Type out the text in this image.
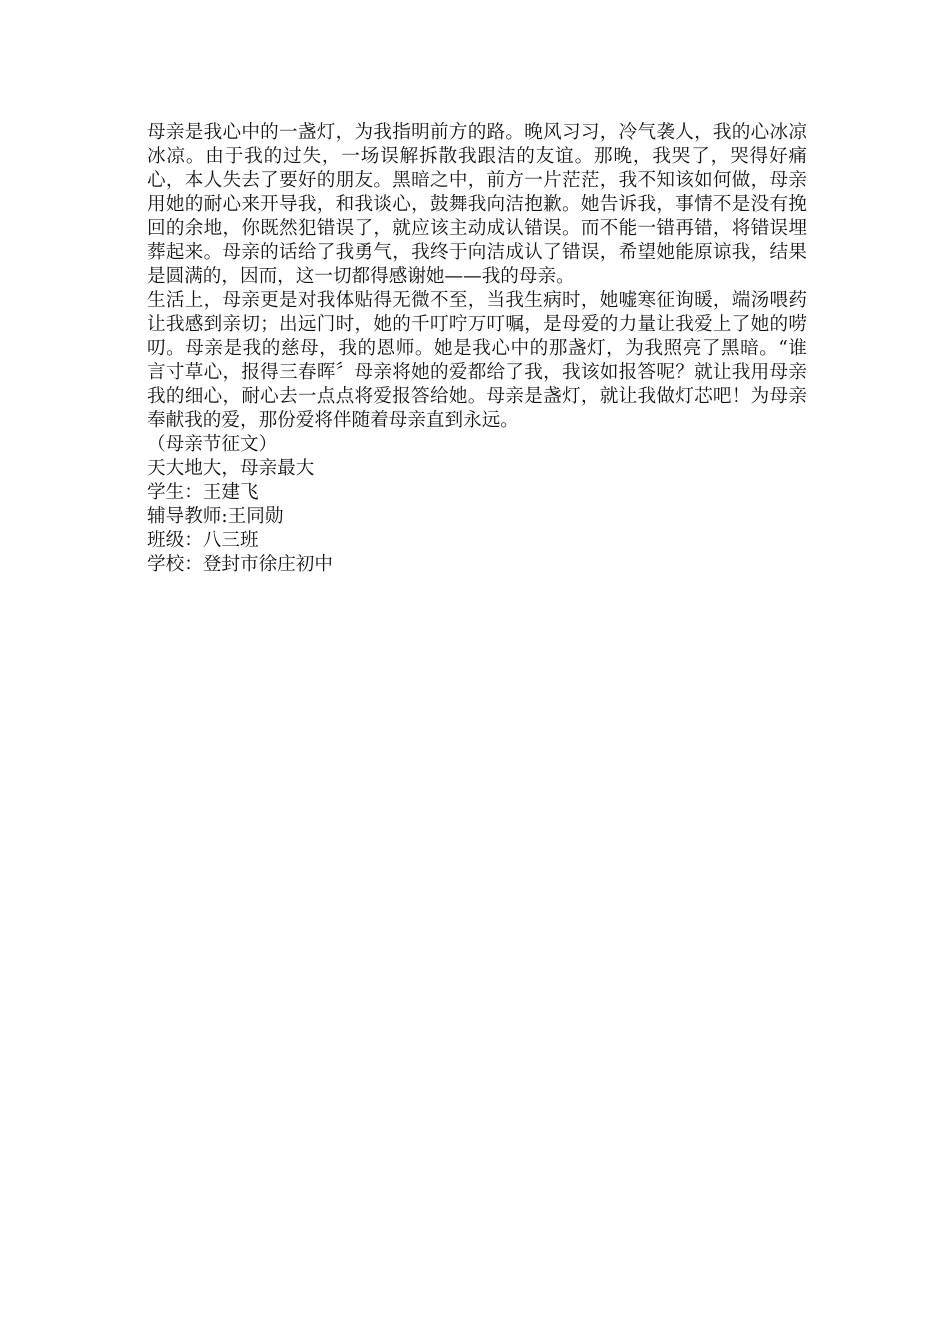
母亲是我心中的一盏灯，为我指明前方的路。晚风习习，冷气袭人，我的心冰凉冰凉。由于我的过失，一场误解拆散我跟洁的友谊。那晚，我哭了，哭得好痛心，本人失去了要好的朋友。黑暗之中，前方一片茫茫，我不知该如何做，母亲用她的耐心来开导我，和我谈心，鼓舞我向洁抱歉。她告诉我，事情不是没有挽回的余地，你既然犯错误了，就应该主动成认错误。而不能一错再错，将错误埋葬起来。母亲的话给了我勇气，我终于向洁成认了错误，希望她能原谅我，结果是圆满的，因而，这一切都得感谢她——我的母亲。

生活上，母亲更是对我体贴得无微不至，当我生病时，她嘘寒征询暖，端汤喂药让我感到亲切；出远门时，她的千叮咛万叮嘱，是母爱的力量让我爱上了她的唠叨。母亲是我的慈母，我的恩师。她是我心中的那盏灯，为我照亮了黑暗。“谁言寸草心，报得三春晖〞母亲将她的爱都给了我，我该如报答呢？就让我用母亲我的细心，耐心去一点点将爱报答给她。母亲是盏灯，就让我做灯芯吧！为母亲奉献我的爱，那份爱将伴随着母亲直到永远。

（母亲节征文）

天大地大，母亲最大

学生：王建飞

辅导教师:王同勋

班级：八三班

学校：登封市徐庄初中
